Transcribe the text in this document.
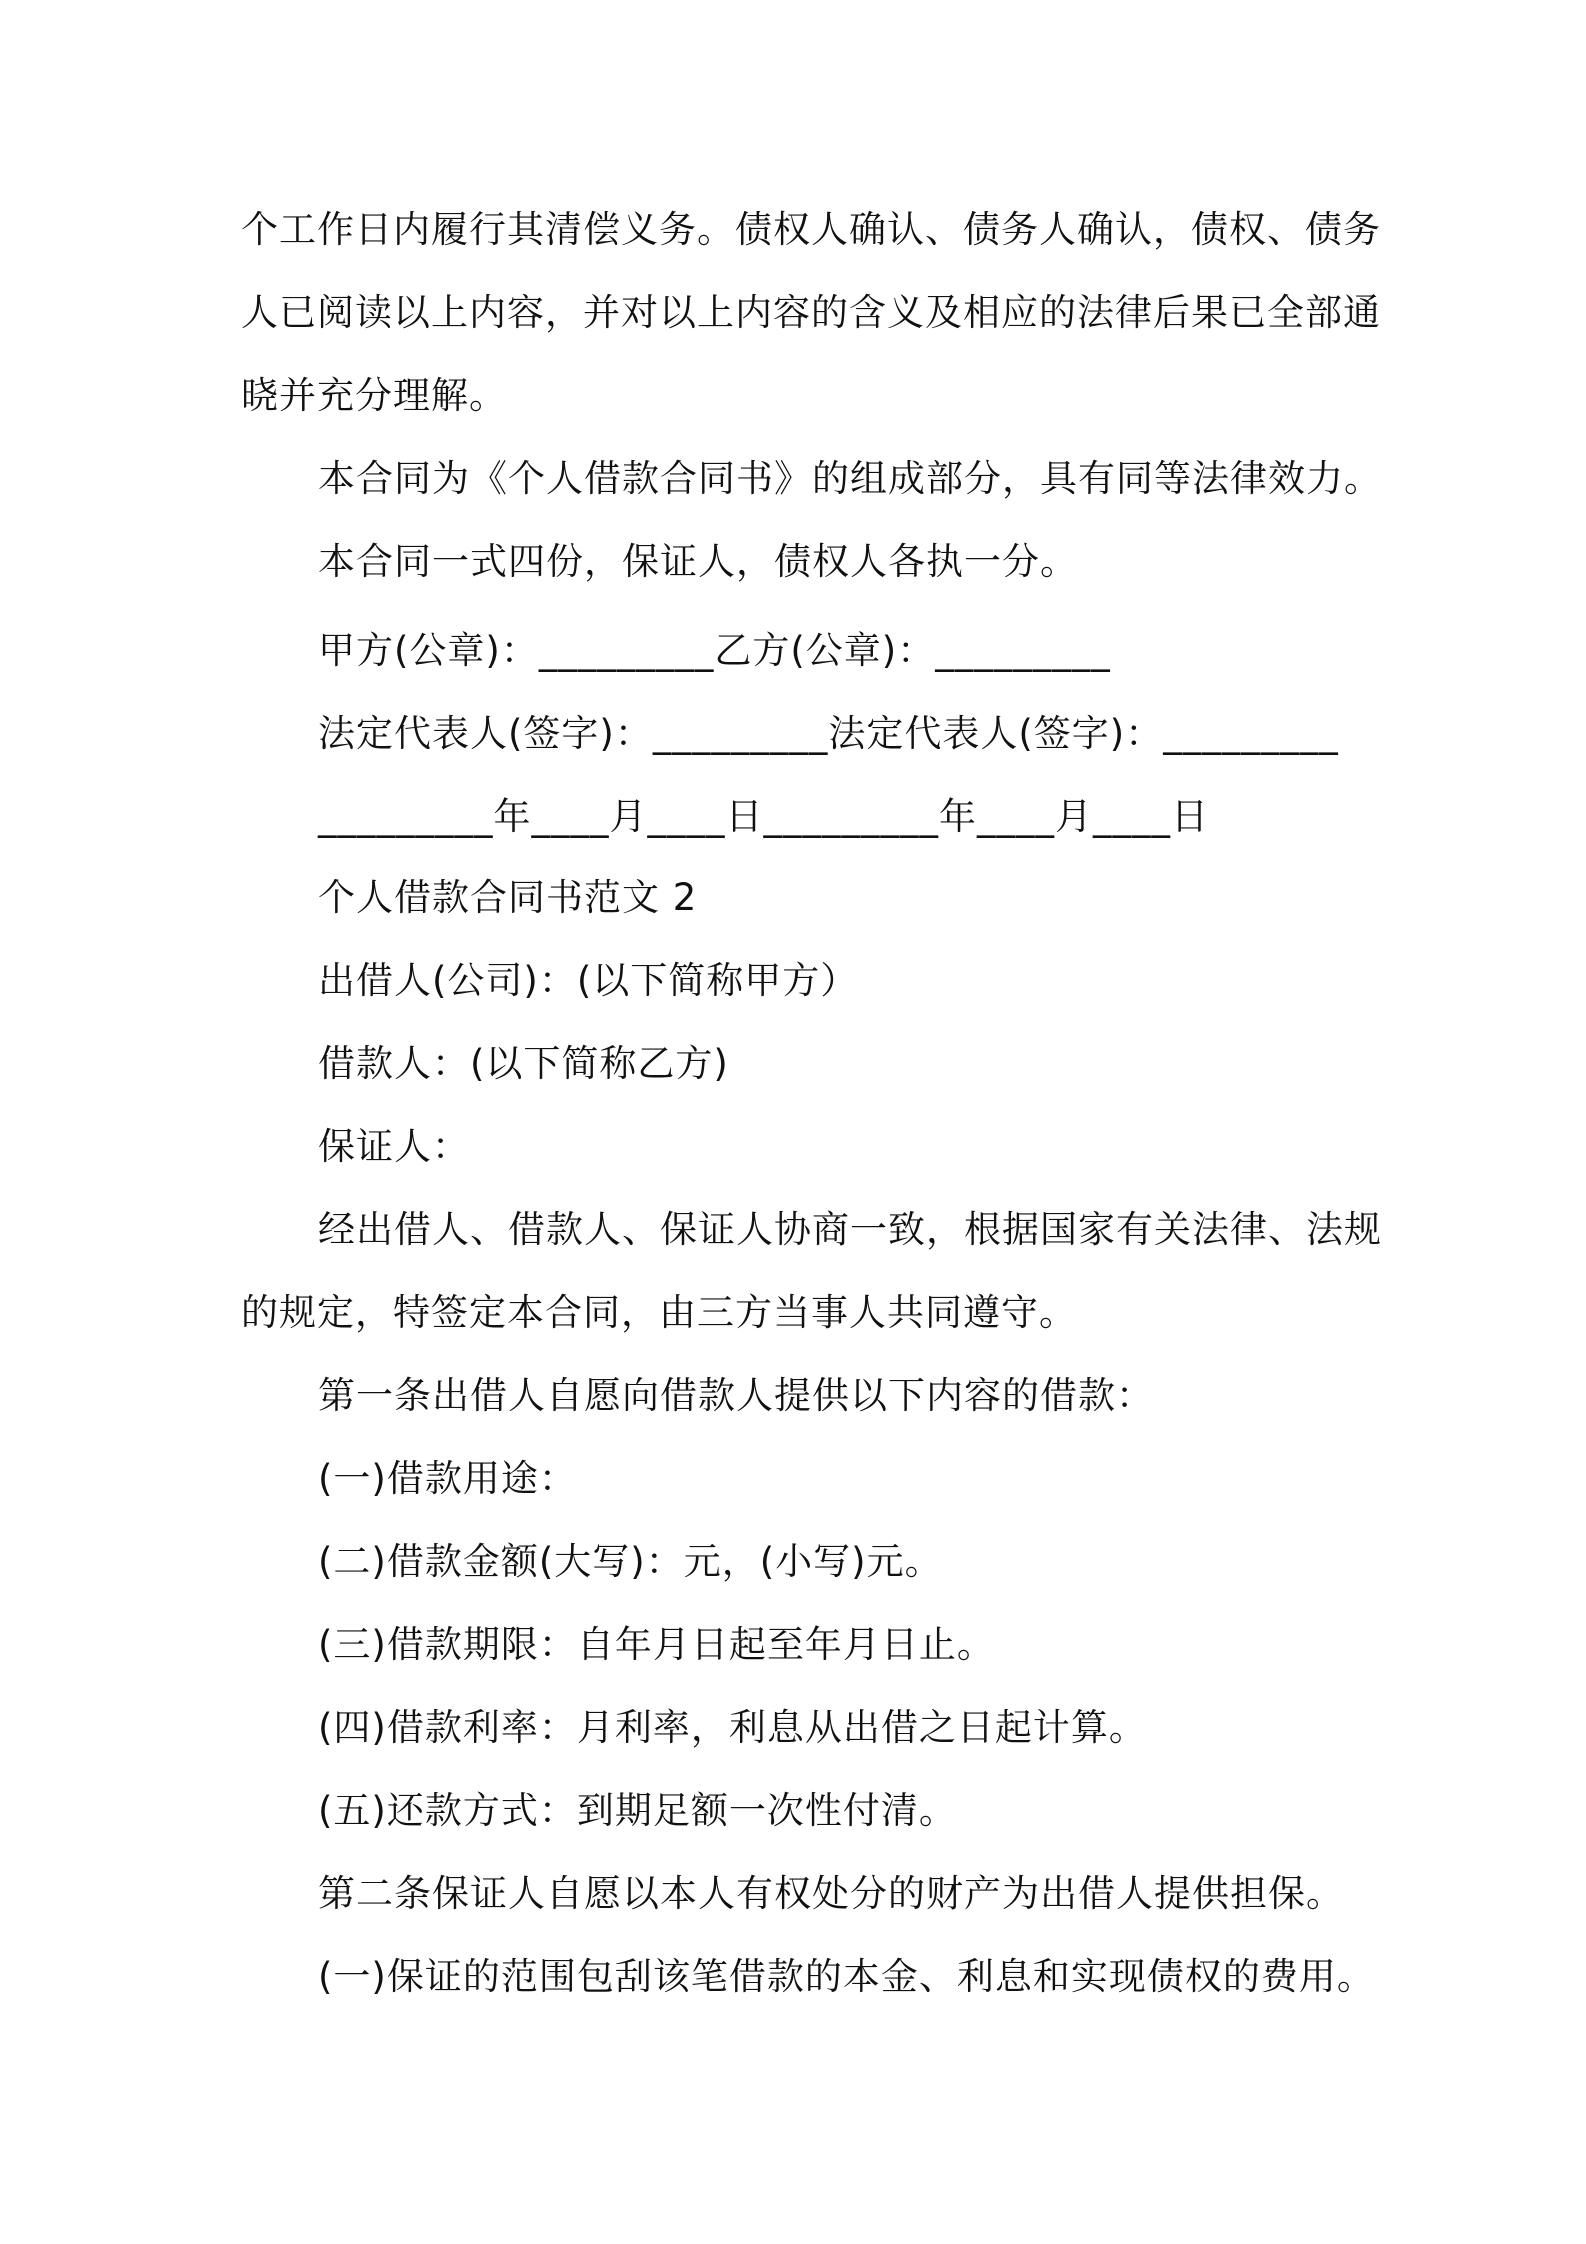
个工作日内履行其清偿义务。债权人确认、债务人确认，债权、债务
人已阅读以上内容，并对以上内容的含义及相应的法律后果已全部通
晓并充分理解。
本合同为《个人借款合同书》的组成部分，具有同等法律效力。
本合同一式四份，保证人，债权人各执一分。
甲方(公章)：_________乙方(公章)：_________
法定代表人(签字)：_________法定代表人(签字)：_________
_________年____月____日_________年____月____日
个人借款合同书范文 2
出借人(公司)：(以下简称甲方）
借款人：(以下简称乙方)
保证人：
经出借人、借款人、保证人协商一致，根据国家有关法律、法规
的规定，特签定本合同，由三方当事人共同遵守。
第一条出借人自愿向借款人提供以下内容的借款：
(一)借款用途：
(二)借款金额(大写)：元，(小写)元。
(三)借款期限：自年月日起至年月日止。
(四)借款利率：月利率，利息从出借之日起计算。
(五)还款方式：到期足额一次性付清。
第二条保证人自愿以本人有权处分的财产为出借人提供担保。
(一)保证的范围包刮该笔借款的本金、利息和实现债权的费用。
